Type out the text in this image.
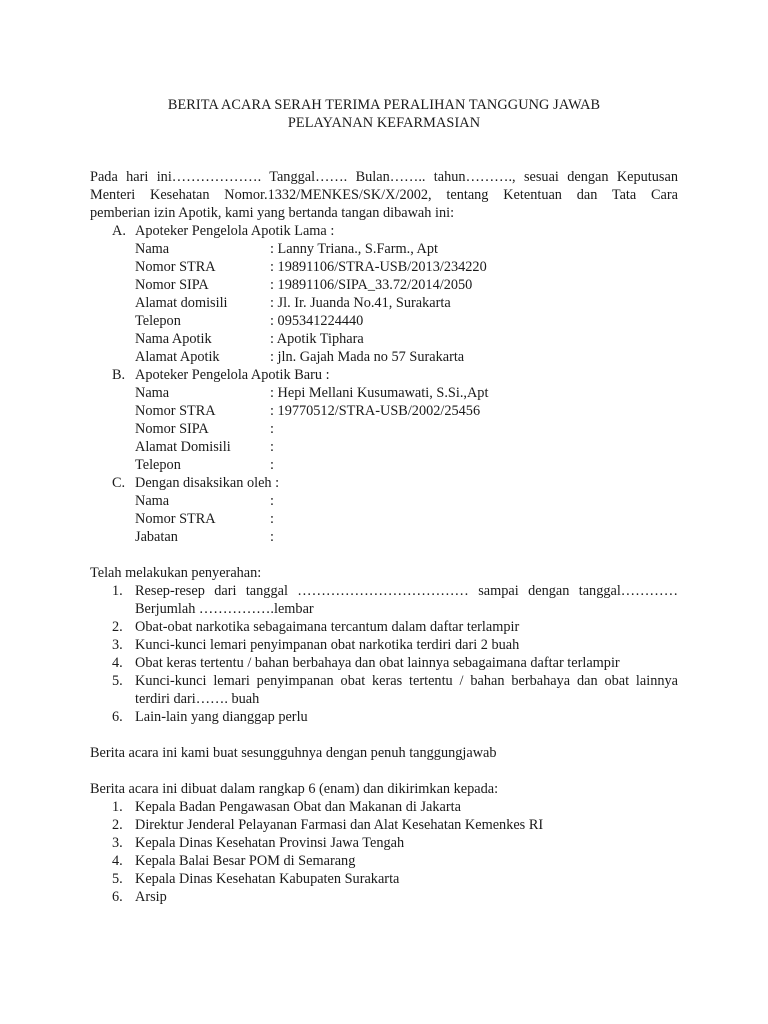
BERITA ACARA SERAH TERIMA PERALIHAN TANGGUNG JAWAB
PELAYANAN KEFARMASIAN
Pada hari ini………………. Tanggal……. Bulan…….. tahun………., sesuai dengan Keputusan
Menteri Kesehatan Nomor.1332/MENKES/SK/X/2002, tentang Ketentuan dan Tata Cara
pemberian izin Apotik, kami yang bertanda tangan dibawah ini:
A. Apoteker Pengelola Apotik Lama :
Nama	: Lanny Triana., S.Farm., Apt
Nomor STRA	: 19891106/STRA-USB/2013/234220
Nomor SIPA	: 19891106/SIPA_33.72/2014/2050
Alamat domisili	: Jl. Ir. Juanda No.41, Surakarta
Telepon	: 095341224440
Nama Apotik	: Apotik Tiphara
Alamat Apotik	: jln. Gajah Mada no 57 Surakarta
B. Apoteker Pengelola Apotik Baru :
Nama	: Hepi Mellani Kusumawati, S.Si.,Apt
Nomor STRA	: 19770512/STRA-USB/2002/25456
Nomor SIPA	:
Alamat Domisili	:
Telepon	:
C. Dengan disaksikan oleh :
Nama	:
Nomor STRA	:
Jabatan	:
Telah melakukan penyerahan:
1. Resep-resep dari tanggal ……………………………… sampai dengan tanggal…………
Berjumlah …………….lembar
2. Obat-obat narkotika sebagaimana tercantum dalam daftar terlampir
3. Kunci-kunci lemari penyimpanan obat narkotika terdiri dari 2 buah
4. Obat keras tertentu / bahan berbahaya dan obat lainnya sebagaimana daftar terlampir
5. Kunci-kunci lemari penyimpanan obat keras tertentu / bahan berbahaya dan obat lainnya
terdiri dari……. buah
6. Lain-lain yang dianggap perlu
Berita acara ini kami buat sesungguhnya dengan penuh tanggungjawab
Berita acara ini dibuat dalam rangkap 6 (enam) dan dikirimkan kepada:
1. Kepala Badan Pengawasan Obat dan Makanan di Jakarta
2. Direktur Jenderal Pelayanan Farmasi dan Alat Kesehatan Kemenkes RI
3. Kepala Dinas Kesehatan Provinsi Jawa Tengah
4. Kepala Balai Besar POM di Semarang
5. Kepala Dinas Kesehatan Kabupaten Surakarta
6. Arsip
